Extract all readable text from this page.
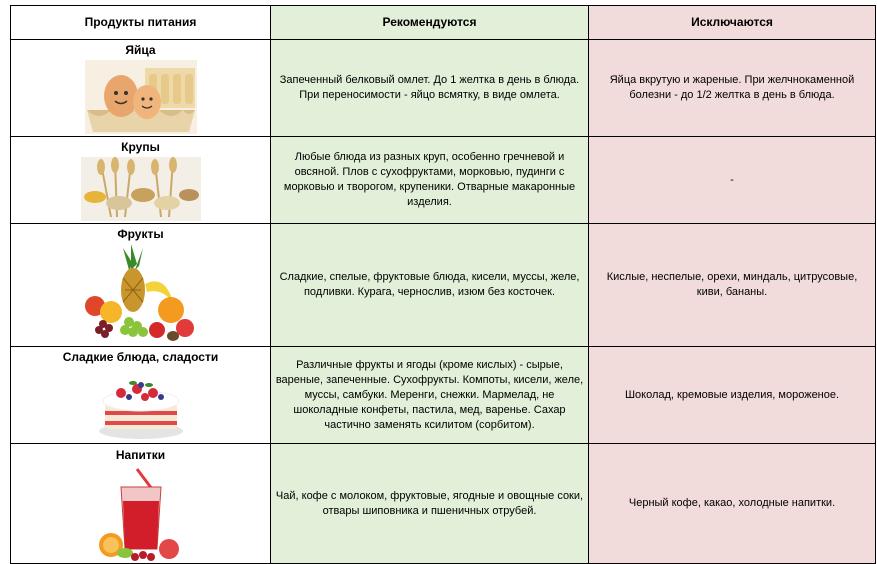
Продукты питания	Рекомендуются	Исключаются

Яйца	Запеченный белковый омлет. До 1 желтка в день в блюда. При переносимости - яйцо всмятку, в виде омлета.	Яйца вкрутую и жареные. При желчнокаменной болезни - до 1/2 желтка в день в блюда.

Крупы	Любые блюда из разных круп, особенно гречневой и овсяной. Плов с сухофруктами, морковью, пудинги с морковью и творогом, крупеники. Отварные макаронные изделия.	-

Фрукты	Сладкие, спелые, фруктовые блюда, кисели, муссы, желе, подливки. Курага, чернослив, изюм без косточек.	Кислые, неспелые, орехи, миндаль, цитрусовые, киви, бананы.

Сладкие блюда, сладости	Различные фрукты и ягоды (кроме кислых) - сырые, вареные, запеченные. Сухофрукты. Компоты, кисели, желе, муссы, самбуки. Меренги, снежки. Мармелад, не шоколадные конфеты, пастила, мед, варенье. Сахар частично заменять ксилитом (сорбитом).	Шоколад, кремовые изделия, мороженое.

Напитки	Чай, кофе с молоком, фруктовые, ягодные и овощные соки, отвары шиповника и пшеничных отрубей.	Черный кофе, какао, холодные напитки.
